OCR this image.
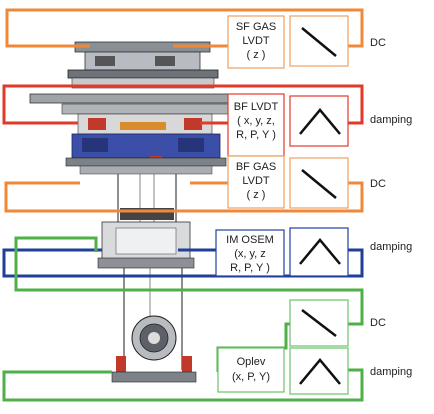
SF GAS
LVDT
( z )
BF LVDT
( x, y, z,
R, P, Y )
BF GAS
LVDT
( z )
IM OSEM
(x, y, z
R, P, Y )
Oplev
(x, P, Y)
DC
damping
DC
damping
DC
damping
